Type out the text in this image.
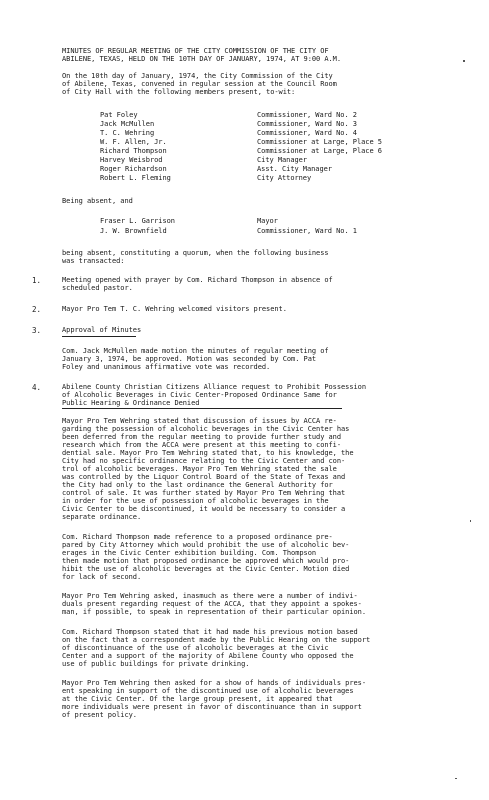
MINUTES OF REGULAR MEETING OF THE CITY COMMISSION OF THE CITY OF

ABILENE, TEXAS, HELD ON THE 10TH DAY OF JANUARY, 1974, AT 9:00 A.M.

On the 10th day of January, 1974, the City Commission of the City

of Abilene, Texas, convened in regular session at the Council Room

of City Hall with the following members present, to-wit:

Pat Foley	Commissioner, Ward No. 2
Jack McMullen	Commissioner, Ward No. 3
T. C. Wehring	Commissioner, Ward No. 4
W. F. Allen, Jr.	Commissioner at Large, Place 5
Richard Thompson	Commissioner at Large, Place 6
Harvey Weisbrod	City Manager
Roger Richardson	Asst. City Manager
Robert L. Fleming	City Attorney

Being absent, and

Fraser L. Garrison	Mayor
J. W. Brownfield	Commissioner, Ward No. 1

being absent, constituting a quorum, when the following business

was transacted:

1.	Meeting opened with prayer by Com. Richard Thompson in absence of

scheduled pastor.

2.	Mayor Pro Tem T. C. Wehring welcomed visitors present.

3.	Approval of Minutes

Com. Jack McMullen made motion the minutes of regular meeting of

January 3, 1974, be approved. Motion was seconded by Com. Pat

Foley and unanimous affirmative vote was recorded.

4.	Abilene County Christian Citizens Alliance request to Prohibit Possession

of Alcoholic Beverages in Civic Center-Proposed Ordinance Same for

Public Hearing & Ordinance Denied

Mayor Pro Tem Wehring stated that discussion of issues by ACCA re-

garding the possession of alcoholic beverages in the Civic Center has

been deferred from the regular meeting to provide further study and

research which from the ACCA were present at this meeting to confi-

dential sale. Mayor Pro Tem Wehring stated that, to his knowledge, the

City had no specific ordinance relating to the Civic Center and con-

trol of alcoholic beverages. Mayor Pro Tem Wehring stated the sale

was controlled by the Liquor Control Board of the State of Texas and

the City had only to the last ordinance the General Authority for

control of sale. It was further stated by Mayor Pro Tem Wehring that

in order for the use of possession of alcoholic beverages in the

Civic Center to be discontinued, it would be necessary to consider a

separate ordinance.

Com. Richard Thompson made reference to a proposed ordinance pre-

pared by City Attorney which would prohibit the use of alcoholic bev-

erages in the Civic Center exhibition building. Com. Thompson

then made motion that proposed ordinance be approved which would pro-

hibit the use of alcoholic beverages at the Civic Center. Motion died

for lack of second.

Mayor Pro Tem Wehring asked, inasmuch as there were a number of indivi-

duals present regarding request of the ACCA, that they appoint a spokes-

man, if possible, to speak in representation of their particular opinion.

Com. Richard Thompson stated that it had made his previous motion based

on the fact that a correspondent made by the Public Hearing on the support

of discontinuance of the use of alcoholic beverages at the Civic

Center and a support of the majority of Abilene County who opposed the

use of public buildings for private drinking.

Mayor Pro Tem Wehring then asked for a show of hands of individuals pres-

ent speaking in support of the discontinued use of alcoholic beverages

at the Civic Center. Of the large group present, it appeared that

more individuals were present in favor of discontinuance than in support

of present policy.
